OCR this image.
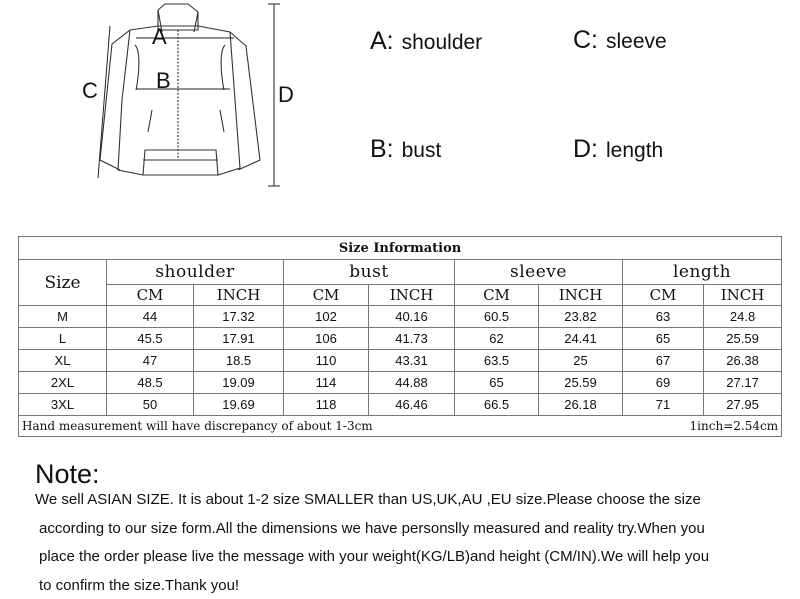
A
B
C	D
A: shoulder	C: sleeve
B: bust	D: length
Size Information								
Size	shoulder		bust		sleeve		length	
	CM	INCH	CM	INCH	CM	INCH	CM	INCH
M	44	17.32	102	40.16	60.5	23.82	63	24.8
L	45.5	17.91	106	41.73	62	24.41	65	25.59
XL	47	18.5	110	43.31	63.5	25	67	26.38
2XL	48.5	19.09	114	44.88	65	25.59	69	27.17
3XL	50	19.69	118	46.46	66.5	26.18	71	27.95

Hand measurement will have discrepancy of about 1-3cm 1inch=2.54cm								
Note:
We sell ASIAN SIZE. It is about 1-2 size SMALLER than US,UK,AU ,EU size.Please choose the size
according to our size form.All the dimensions we have personslly measured and reality try.When you
place the order please live the message with your weight(KG/LB)and height (CM/IN).We will help you
to confirm the size.Thank you!
